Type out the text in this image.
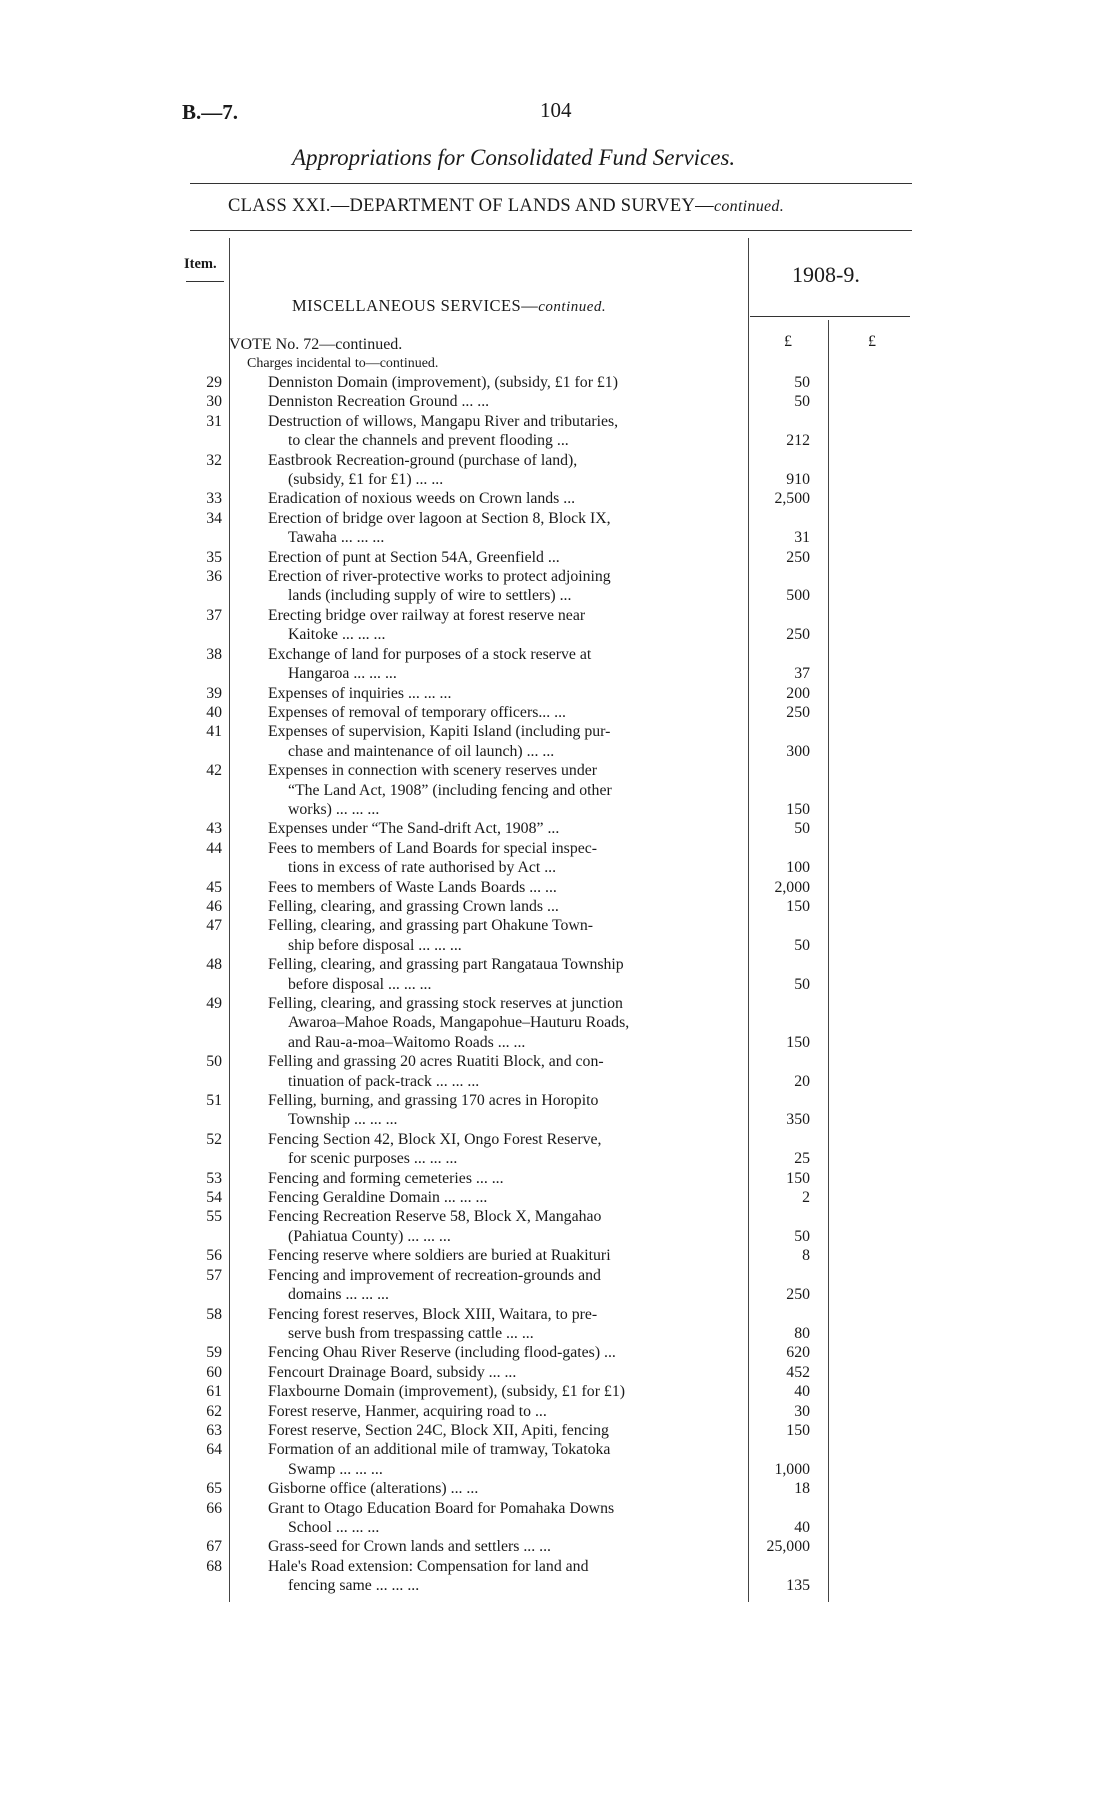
B.—7.	104
Appropriations for Consolidated Fund Services.
CLASS XXI.—DEPARTMENT OF LANDS AND SURVEY—continued.
Item.	1908-9.
MISCELLANEOUS SERVICES—continued.
VOTE No. 72—continued.
Charges incidental to—continued.
£	£
29	Denniston Domain (improvement), (subsidy, £1 for £1)	50
30	Denniston Recreation Ground ... ...	50
31	Destruction of willows, Mangapu River and tributaries,
to clear the channels and prevent flooding ...	212
32	Eastbrook Recreation-ground (purchase of land),
(subsidy, £1 for £1) ... ...	910
33	Eradication of noxious weeds on Crown lands ...	2,500
34	Erection of bridge over lagoon at Section 8, Block IX,
Tawaha ... ... ...	31
35	Erection of punt at Section 54A, Greenfield ...	250
36	Erection of river-protective works to protect adjoining
lands (including supply of wire to settlers) ...	500
37	Erecting bridge over railway at forest reserve near
Kaitoke ... ... ...	250
38	Exchange of land for purposes of a stock reserve at
Hangaroa ... ... ...	37
39	Expenses of inquiries ... ... ...	200
40	Expenses of removal of temporary officers... ...	250
41	Expenses of supervision, Kapiti Island (including pur-
chase and maintenance of oil launch) ... ...	300
42	Expenses in connection with scenery reserves under
“The Land Act, 1908” (including fencing and other
works) ... ... ...	150
43	Expenses under “The Sand-drift Act, 1908” ...	50
44	Fees to members of Land Boards for special inspec-
tions in excess of rate authorised by Act ...	100
45	Fees to members of Waste Lands Boards ... ...	2,000
46	Felling, clearing, and grassing Crown lands ...	150
47	Felling, clearing, and grassing part Ohakune Town-
ship before disposal ... ... ...	50
48	Felling, clearing, and grassing part Rangataua Township
before disposal ... ... ...	50
49	Felling, clearing, and grassing stock reserves at junction
Awaroa–Mahoe Roads, Mangapohue–Hauturu Roads,
and Rau-a-moa–Waitomo Roads ... ...	150
50	Felling and grassing 20 acres Ruatiti Block, and con-
tinuation of pack-track ... ... ...	20
51	Felling, burning, and grassing 170 acres in Horopito
Township ... ... ...	350
52	Fencing Section 42, Block XI, Ongo Forest Reserve,
for scenic purposes ... ... ...	25
53	Fencing and forming cemeteries ... ...	150
54	Fencing Geraldine Domain ... ... ...	2
55	Fencing Recreation Reserve 58, Block X, Mangahao
(Pahiatua County) ... ... ...	50
56	Fencing reserve where soldiers are buried at Ruakituri	8
57	Fencing and improvement of recreation-grounds and
domains ... ... ...	250
58	Fencing forest reserves, Block XIII, Waitara, to pre-
serve bush from trespassing cattle ... ...	80
59	Fencing Ohau River Reserve (including flood-gates) ...	620
60	Fencourt Drainage Board, subsidy ... ...	452
61	Flaxbourne Domain (improvement), (subsidy, £1 for £1)	40
62	Forest reserve, Hanmer, acquiring road to ...	30
63	Forest reserve, Section 24C, Block XII, Apiti, fencing	150
64	Formation of an additional mile of tramway, Tokatoka
Swamp ... ... ...	1,000
65	Gisborne office (alterations) ... ...	18
66	Grant to Otago Education Board for Pomahaka Downs
School ... ... ...	40
67	Grass-seed for Crown lands and settlers ... ...	25,000
68	Hale's Road extension: Compensation for land and
fencing same ... ... ...	135
